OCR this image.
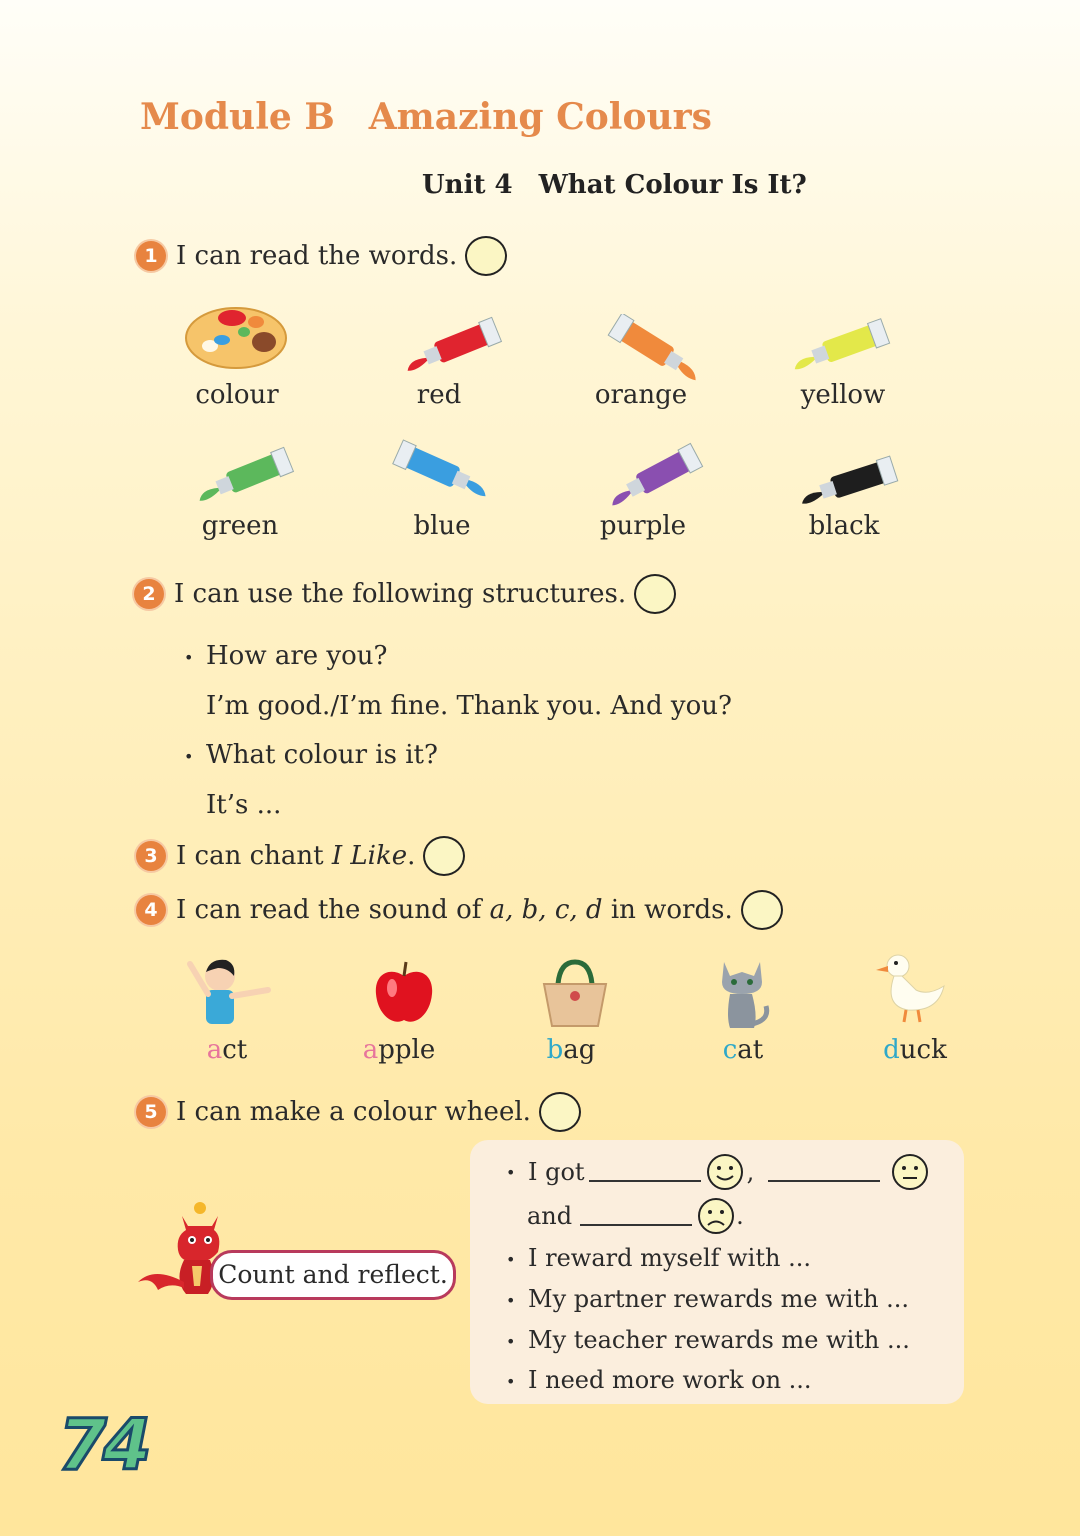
Module B Amazing Colours
Unit 4 What Colour Is It?
1 I can read the words.
colour	red	orange	yellow
green	blue	purple	black
2 I can use the following structures.
• How are you?
I’m good./I’m fine. Thank you. And you?
• What colour is it?
It’s ...
3 I can chant I Like .
4 I can read the sound of a, b, c, d in words.
act	apple	bag	cat	duck
5 I can make a colour wheel.
Count and reflect.
• I got	,
and	.
• I reward myself with ...
• My partner rewards me with ...
• My teacher rewards me with ...
• I need more work on ...
74
